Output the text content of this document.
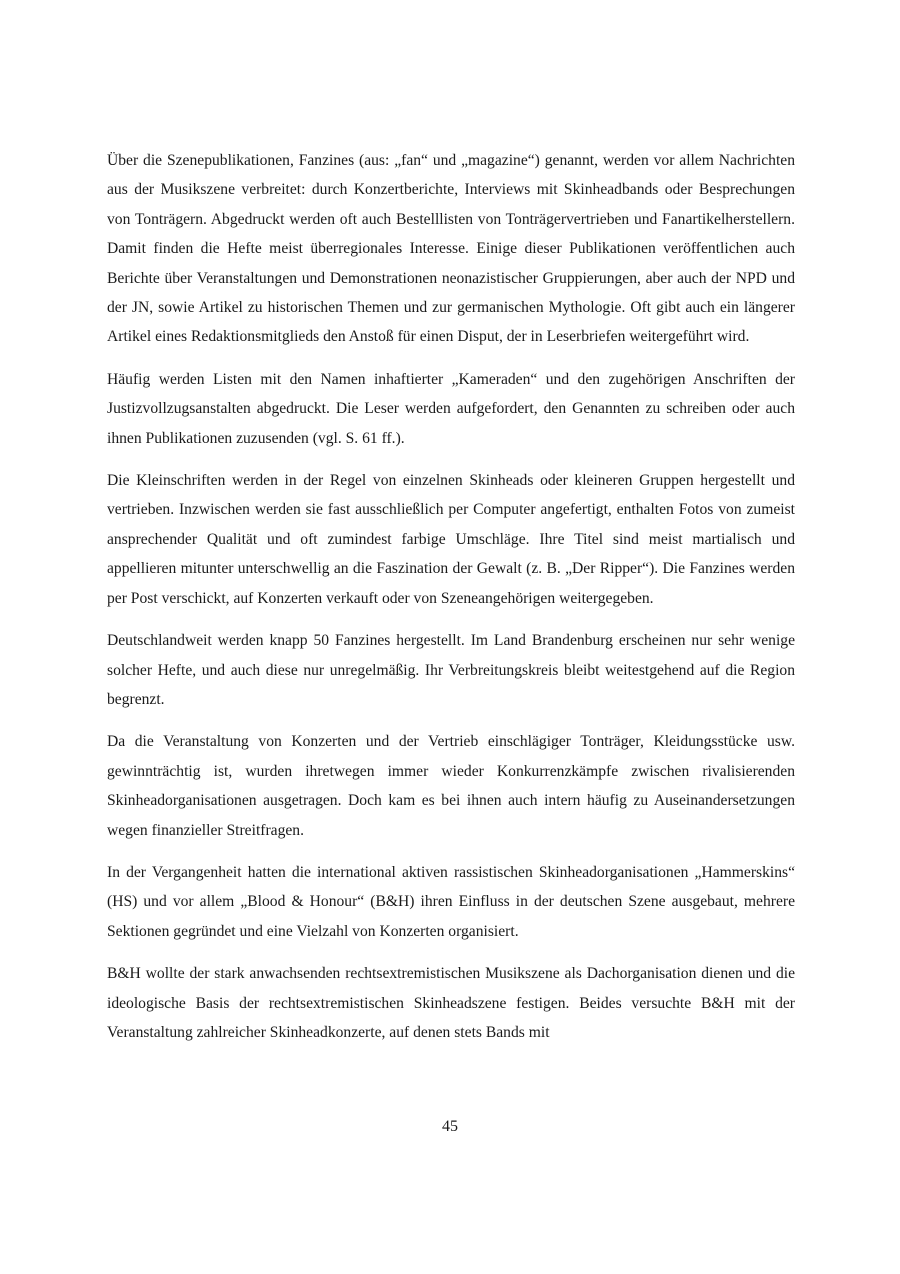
Über die Szenepublikationen, Fanzines (aus: „fan“ und „magazine“) genannt, werden vor allem Nachrichten aus der Musikszene verbreitet: durch Konzertberichte, Interviews mit Skinheadbands oder Besprechungen von Tonträgern. Abgedruckt werden oft auch Bestelllisten von Tonträgervertrieben und Fanartikelherstellern. Damit finden die Hefte meist überregionales Interesse. Einige dieser Publikationen veröffentlichen auch Berichte über Veranstaltungen und Demonstrationen neonazistischer Gruppierungen, aber auch der NPD und der JN, sowie Artikel zu historischen Themen und zur germanischen Mythologie. Oft gibt auch ein längerer Artikel eines Redaktionsmitglieds den Anstoß für einen Disput, der in Leserbriefen weitergeführt wird.

Häufig werden Listen mit den Namen inhaftierter „Kameraden“ und den zugehörigen Anschriften der Justizvollzugsanstalten abgedruckt. Die Leser werden aufgefordert, den Genannten zu schreiben oder auch ihnen Publikationen zuzusenden (vgl. S. 61 ff.).

Die Kleinschriften werden in der Regel von einzelnen Skinheads oder kleineren Gruppen hergestellt und vertrieben. Inzwischen werden sie fast ausschließlich per Computer angefertigt, enthalten Fotos von zumeist ansprechender Qualität und oft zumindest farbige Umschläge. Ihre Titel sind meist martialisch und appellieren mitunter unterschwellig an die Faszination der Gewalt (z. B. „Der Ripper“). Die Fanzines werden per Post verschickt, auf Konzerten verkauft oder von Szeneangehörigen weitergegeben.

Deutschlandweit werden knapp 50 Fanzines hergestellt. Im Land Brandenburg erscheinen nur sehr wenige solcher Hefte, und auch diese nur unregelmäßig. Ihr Verbreitungskreis bleibt weitestgehend auf die Region begrenzt.

Da die Veranstaltung von Konzerten und der Vertrieb einschlägiger Tonträger, Kleidungsstücke usw. gewinnträchtig ist, wurden ihretwegen immer wieder Konkurrenzkämpfe zwischen rivalisierenden Skinheadorganisationen ausgetragen. Doch kam es bei ihnen auch intern häufig zu Auseinandersetzungen wegen finanzieller Streitfragen.

In der Vergangenheit hatten die international aktiven rassistischen Skinheadorganisationen „Hammerskins“ (HS) und vor allem „Blood & Honour“ (B&H) ihren Einfluss in der deutschen Szene ausgebaut, mehrere Sektionen gegründet und eine Vielzahl von Konzerten organisiert.

B&H wollte der stark anwachsenden rechtsextremistischen Musikszene als Dachorganisation dienen und die ideologische Basis der rechtsextremistischen Skinheadszene festigen. Beides versuchte B&H mit der Veranstaltung zahlreicher Skinheadkonzerte, auf denen stets Bands mit

45
